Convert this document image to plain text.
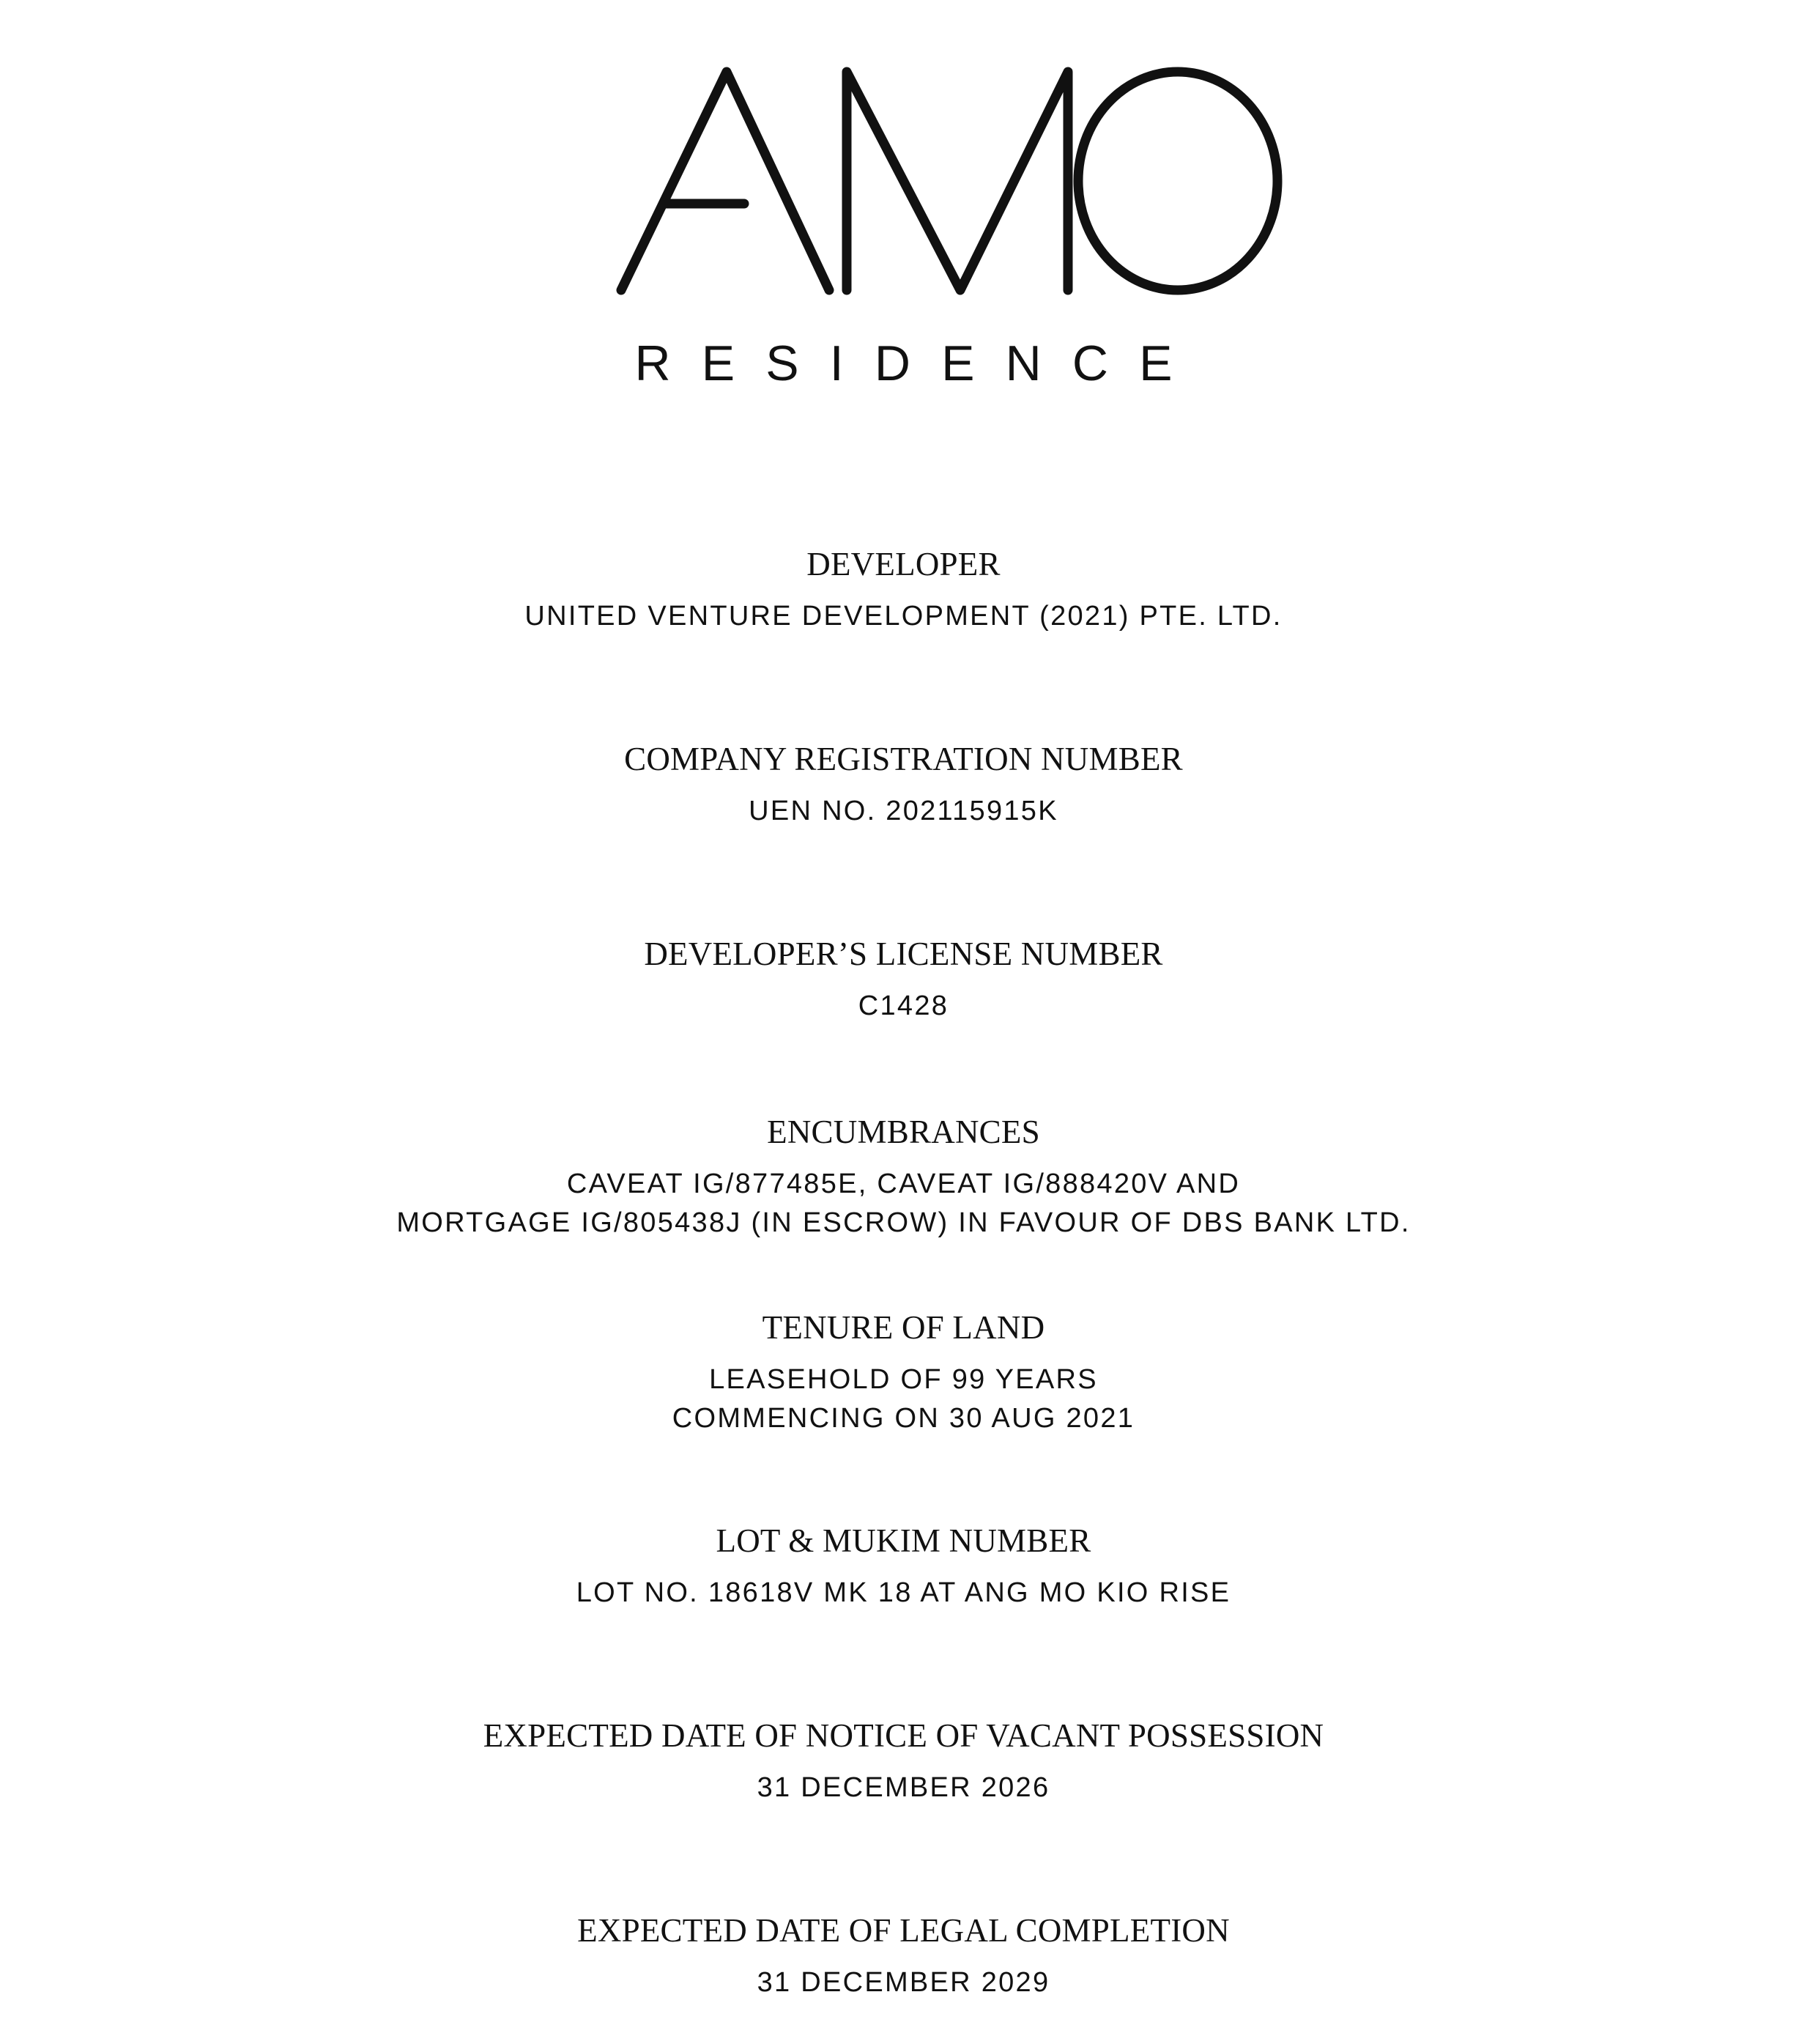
RESIDENCE
DEVELOPER
UNITED VENTURE DEVELOPMENT (2021) PTE. LTD.
COMPANY REGISTRATION NUMBER
UEN NO. 202115915K
DEVELOPER’S LICENSE NUMBER
C1428
ENCUMBRANCES
CAVEAT IG/877485E, CAVEAT IG/888420V AND
MORTGAGE IG/805438J (IN ESCROW) IN FAVOUR OF DBS BANK LTD.
TENURE OF LAND
LEASEHOLD OF 99 YEARS
COMMENCING ON 30 AUG 2021
LOT & MUKIM NUMBER
LOT NO. 18618V MK 18 AT ANG MO KIO RISE
EXPECTED DATE OF NOTICE OF VACANT POSSESSION
31 DECEMBER 2026
EXPECTED DATE OF LEGAL COMPLETION
31 DECEMBER 2029
